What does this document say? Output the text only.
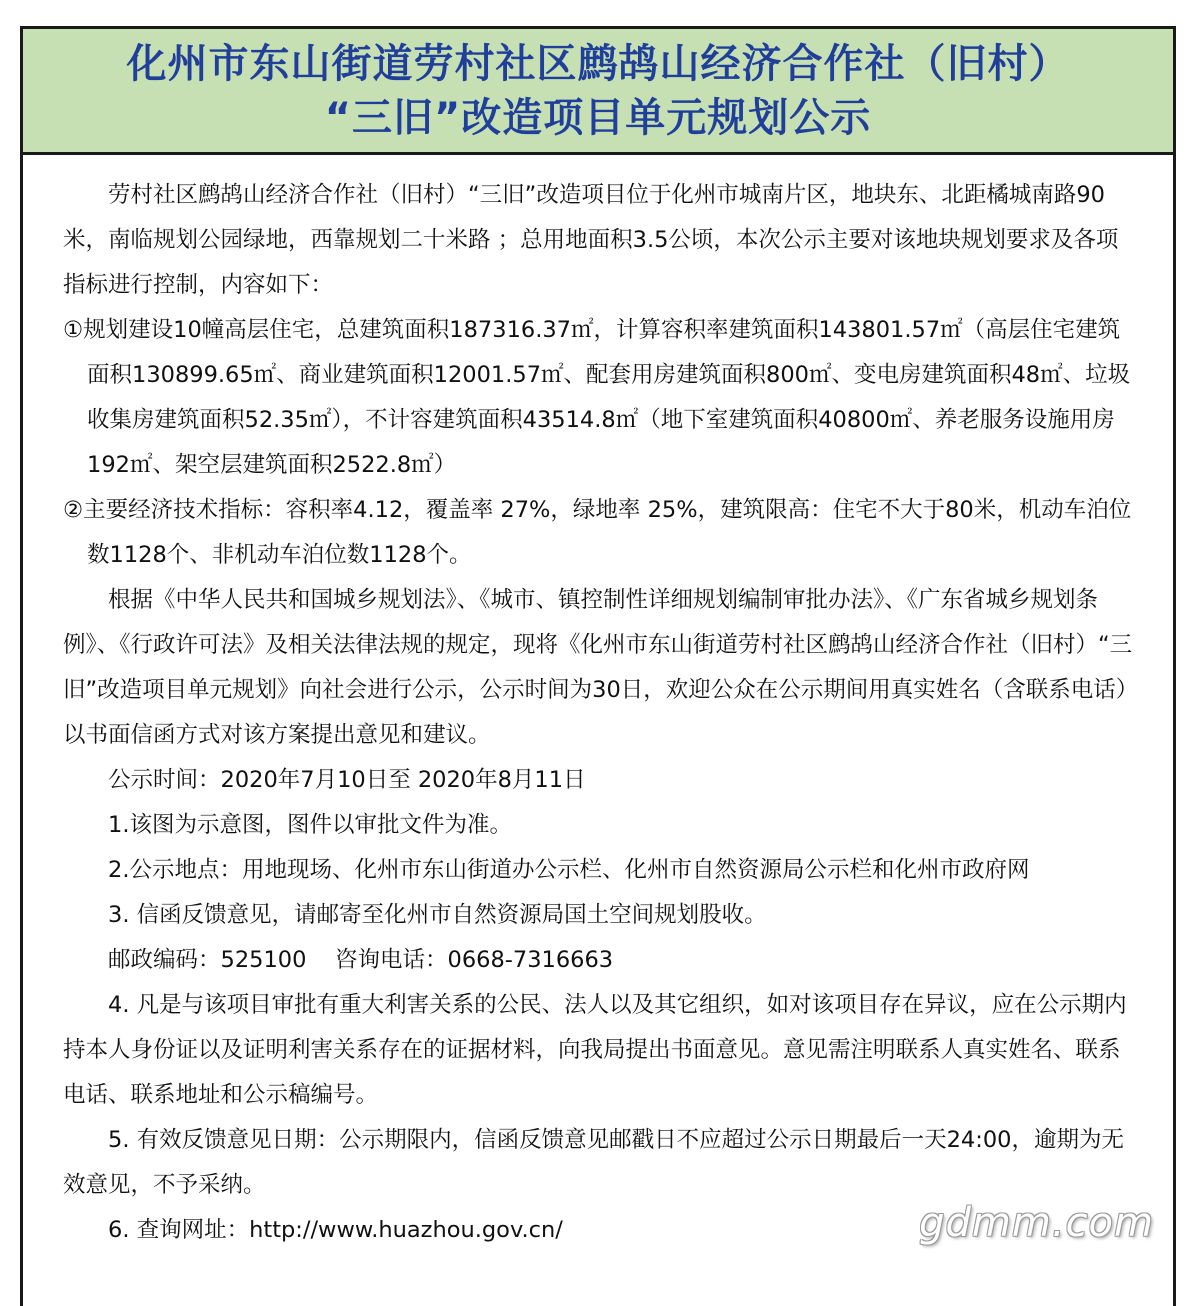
化州市东山街道劳村社区鹧鸪山经济合作社（旧村）
“三旧”改造项目单元规划公示

劳村社区鹧鸪山经济合作社（旧村）“三旧”改造项目位于化州市城南片区，地块东、北距橘城南路90米，南临规划公园绿地，西靠规划二十米路 ；总用地面积3.5公顷，本次公示主要对该地块规划要求及各项指标进行控制，内容如下：

①规划建设10幢高层住宅，总建筑面积187316.37㎡，计算容积率建筑面积143801.57㎡（高层住宅建筑面积130899.65㎡、商业建筑面积12001.57㎡、配套用房建筑面积800㎡、变电房建筑面积48㎡、垃圾收集房建筑面积52.35㎡），不计容建筑面积43514.8㎡（地下室建筑面积40800㎡、养老服务设施用房192㎡、架空层建筑面积2522.8㎡）

②主要经济技术指标：容积率4.12，覆盖率 27%，绿地率 25%，建筑限高：住宅不大于80米，机动车泊位数1128个、非机动车泊位数1128个。

根据《中华人民共和国城乡规划法》、《城市、镇控制性详细规划编制审批办法》、《广东省城乡规划条例》、《行政许可法》及相关法律法规的规定，现将《化州市东山街道劳村社区鹧鸪山经济合作社（旧村）“三旧”改造项目单元规划》向社会进行公示，公示时间为30日，欢迎公众在公示期间用真实姓名（含联系电话）以书面信函方式对该方案提出意见和建议。

公示时间：2020年7月10日至 2020年8月11日

1.该图为示意图，图件以审批文件为准。

2.公示地点：用地现场、化州市东山街道办公示栏、化州市自然资源局公示栏和化州市政府网

3. 信函反馈意见，请邮寄至化州市自然资源局国土空间规划股收。

邮政编码：525100    咨询电话：0668-7316663

4. 凡是与该项目审批有重大利害关系的公民、法人以及其它组织，如对该项目存在异议，应在公示期内持本人身份证以及证明利害关系存在的证据材料，向我局提出书面意见。意见需注明联系人真实姓名、联系电话、联系地址和公示稿编号。

5. 有效反馈意见日期：公示期限内，信函反馈意见邮戳日不应超过公示日期最后一天24:00，逾期为无效意见，不予采纳。

6. 查询网址：http://www.huazhou.gov.cn/	gdmm.com
